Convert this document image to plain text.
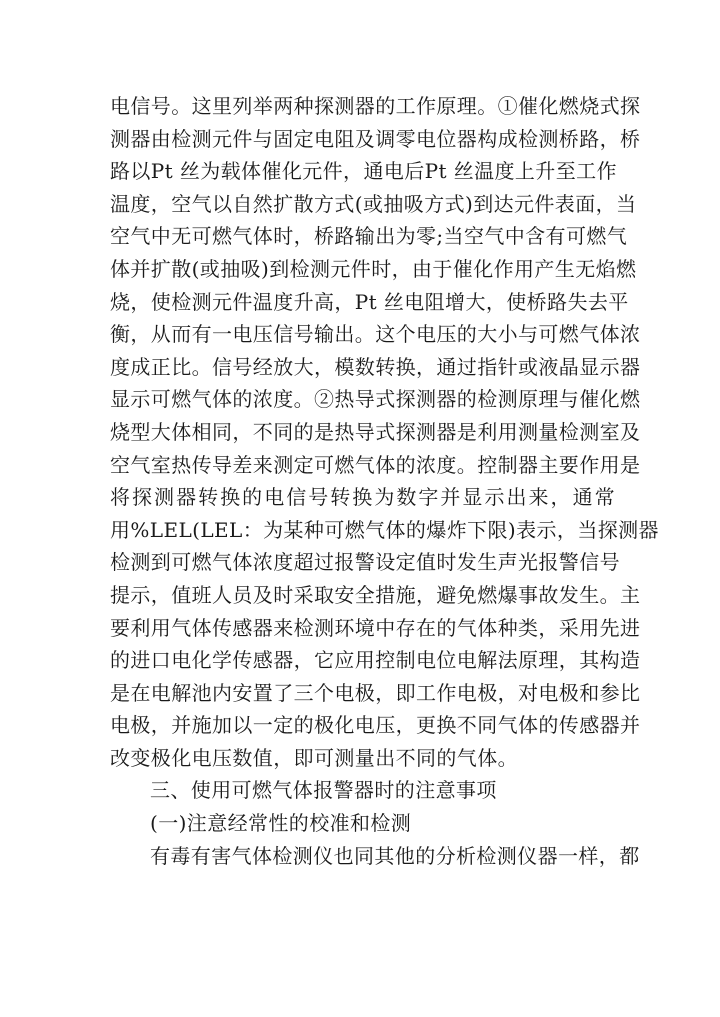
电信号。这里列举两种探测器的工作原理。①催化燃烧式探
测器由检测元件与固定电阻及调零电位器构成检测桥路，桥
路以Pt 丝为载体催化元件，通电后Pt 丝温度上升至工作
温度，空气以自然扩散方式(或抽吸方式)到达元件表面，当
空气中无可燃气体时，桥路输出为零;当空气中含有可燃气
体并扩散(或抽吸)到检测元件时，由于催化作用产生无焰燃
烧，使检测元件温度升高，Pt 丝电阻增大，使桥路失去平
衡，从而有一电压信号输出。这个电压的大小与可燃气体浓
度成正比。信号经放大，模数转换，通过指针或液晶显示器
显示可燃气体的浓度。②热导式探测器的检测原理与催化燃
烧型大体相同，不同的是热导式探测器是利用测量检测室及
空气室热传导差来测定可燃气体的浓度。控制器主要作用是
将探测器转换的电信号转换为数字并显示出来，通常
用%LEL(LEL：为某种可燃气体的爆炸下限)表示，当探测器
检测到可燃气体浓度超过报警设定值时发生声光报警信号
提示，值班人员及时采取安全措施，避免燃爆事故发生。主
要利用气体传感器来检测环境中存在的气体种类，采用先进
的进口电化学传感器，它应用控制电位电解法原理，其构造
是在电解池内安置了三个电极，即工作电极，对电极和参比
电极，并施加以一定的极化电压，更换不同气体的传感器并
改变极化电压数值，即可测量出不同的气体。
三、使用可燃气体报警器时的注意事项
(一)注意经常性的校准和检测
有毒有害气体检测仪也同其他的分析检测仪器一样，都
